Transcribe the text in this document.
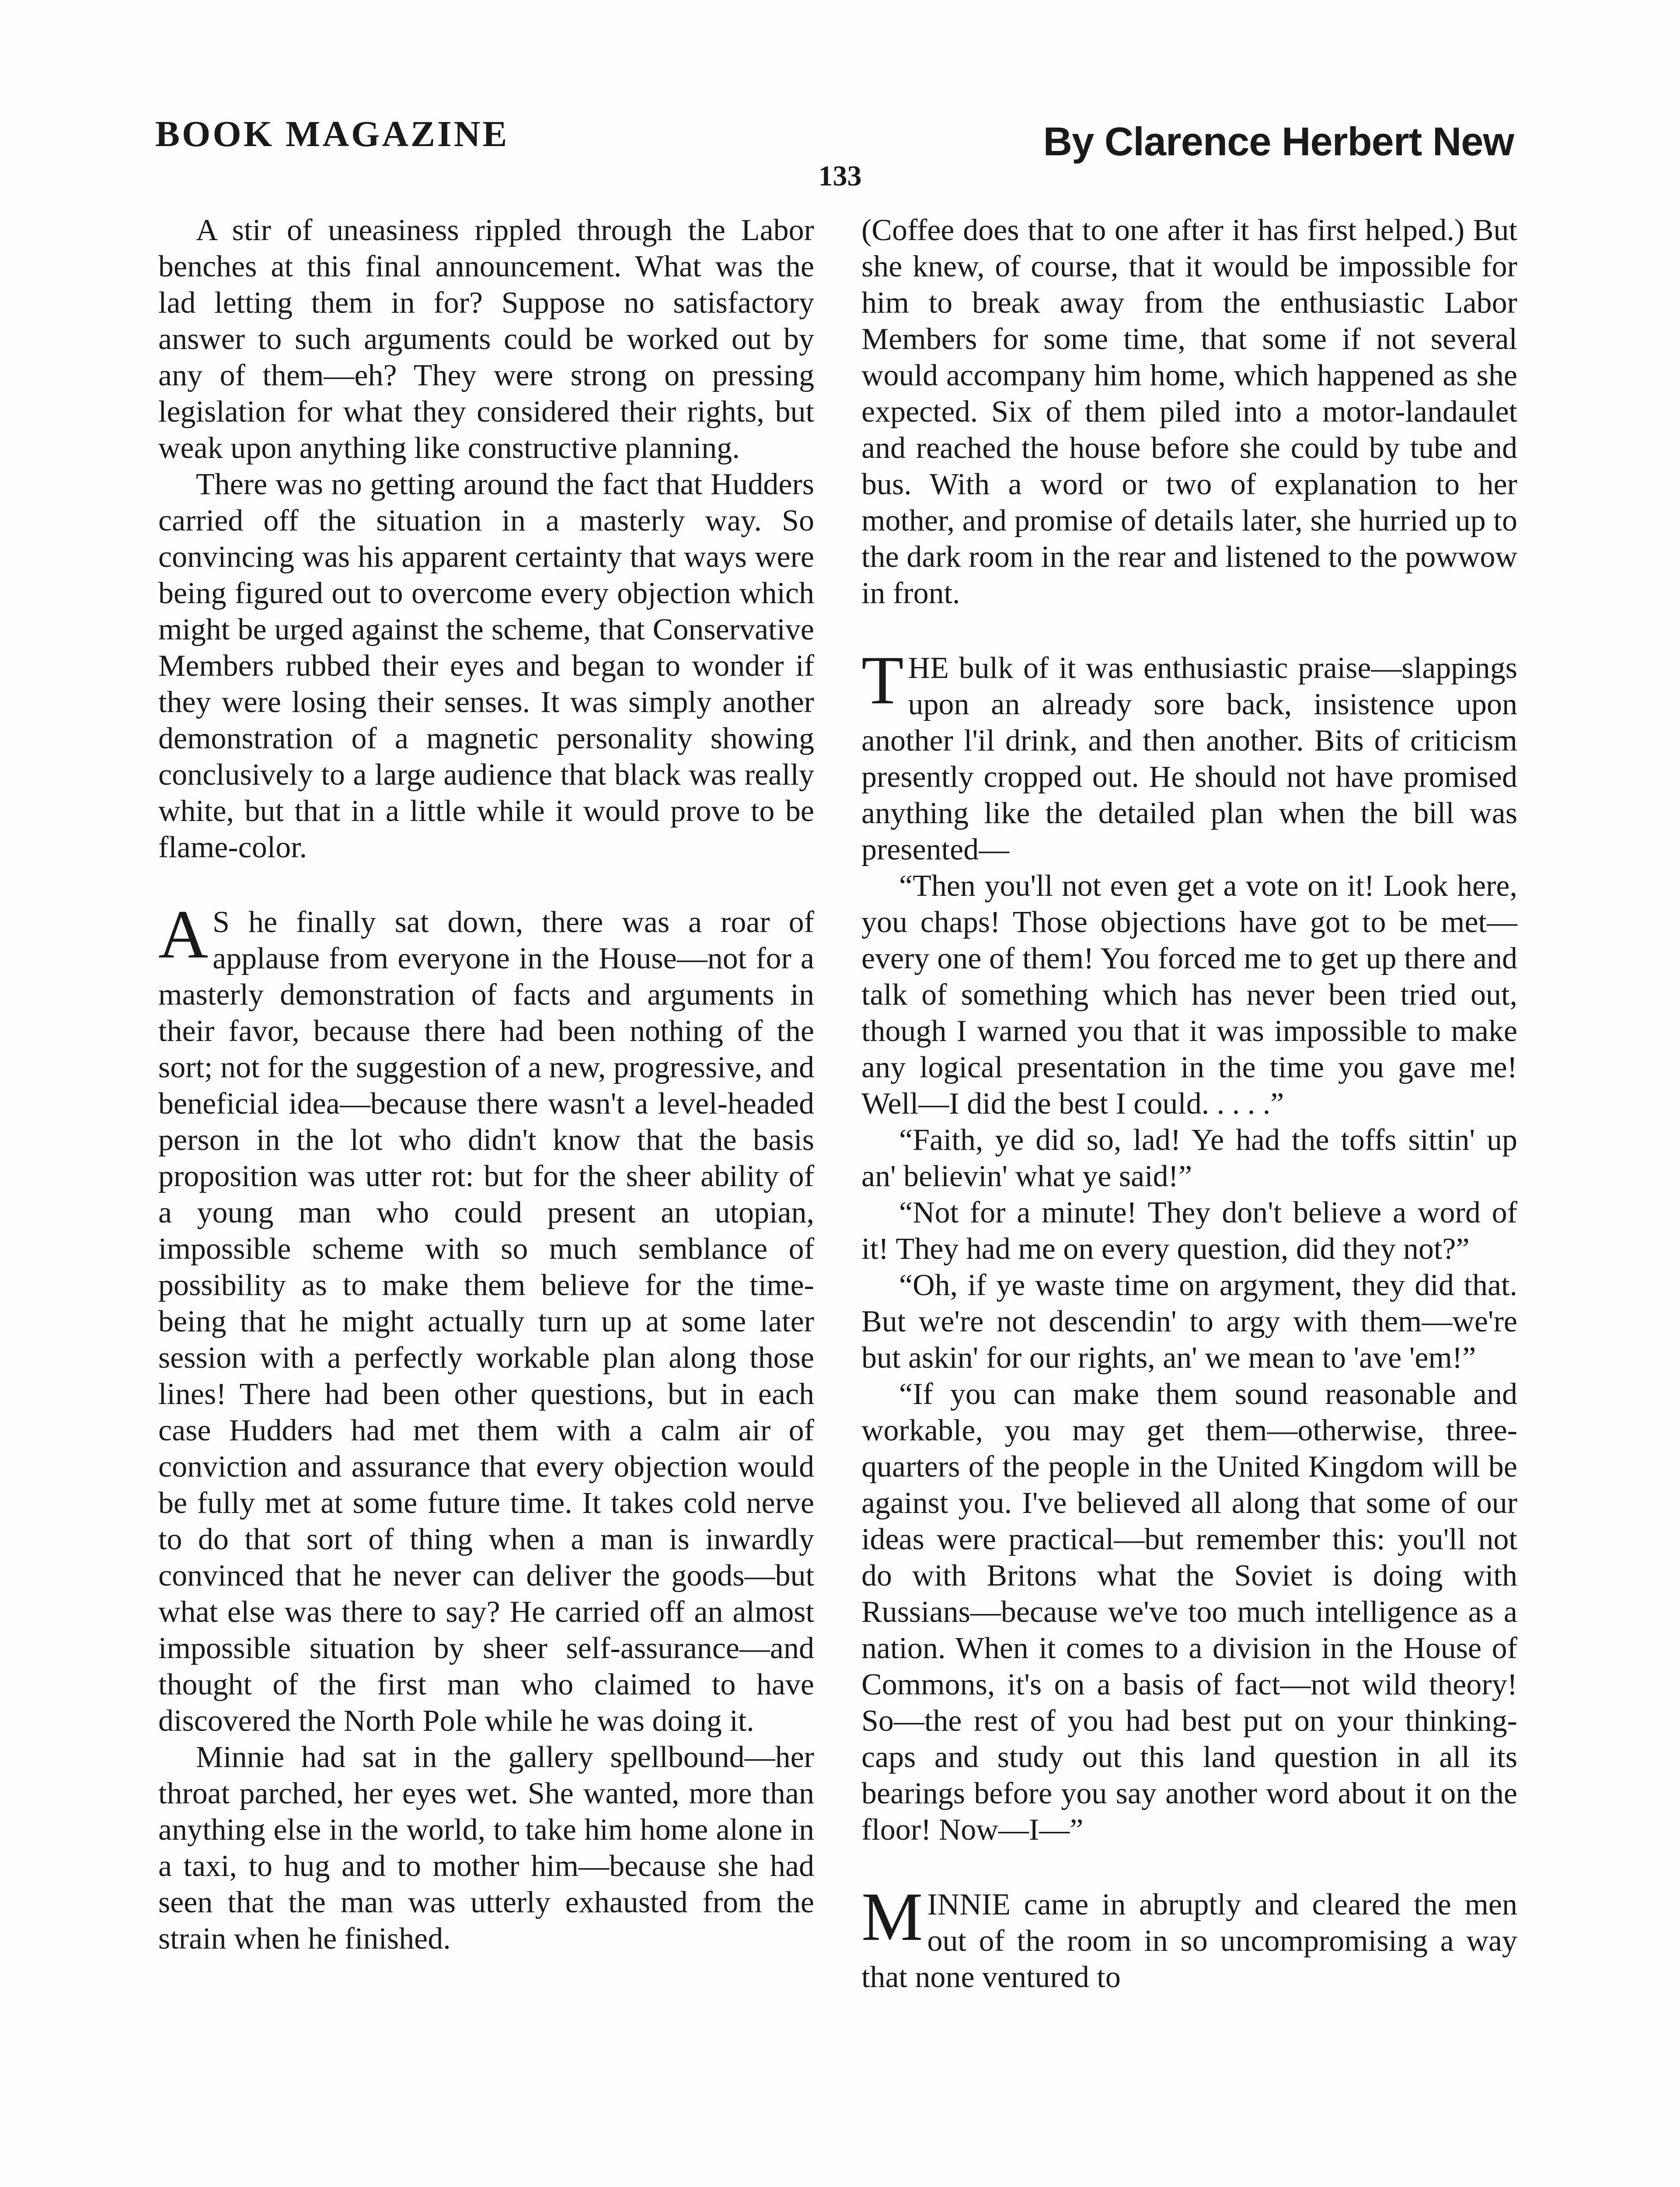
BOOK MAGAZINE	By Clarence Herbert New
133

A stir of uneasiness rippled through the Labor benches at this final announcement. What was the lad letting them in for? Suppose no satisfactory answer to such arguments could be worked out by any of them—eh? They were strong on pressing legislation for what they considered their rights, but weak upon anything like constructive planning.

There was no getting around the fact that Hudders carried off the situation in a masterly way. So convincing was his apparent certainty that ways were being figured out to overcome every objection which might be urged against the scheme, that Conservative Members rubbed their eyes and began to wonder if they were losing their senses. It was simply another demonstration of a magnetic personality showing conclusively to a large audience that black was really white, but that in a little while it would prove to be flame-color.

AS he finally sat down, there was a roar of applause from everyone in the House—not for a masterly demonstration of facts and arguments in their favor, because there had been nothing of the sort; not for the suggestion of a new, progressive, and beneficial idea—because there wasn't a level-headed person in the lot who didn't know that the basis proposition was utter rot: but for the sheer ability of a young man who could present an utopian, impossible scheme with so much semblance of possibility as to make them believe for the time-being that he might actually turn up at some later session with a perfectly workable plan along those lines! There had been other questions, but in each case Hudders had met them with a calm air of conviction and assurance that every objection would be fully met at some future time. It takes cold nerve to do that sort of thing when a man is inwardly convinced that he never can deliver the goods—but what else was there to say? He carried off an almost impossible situation by sheer self-assurance—and thought of the first man who claimed to have discovered the North Pole while he was doing it.

Minnie had sat in the gallery spellbound—her throat parched, her eyes wet. She wanted, more than anything else in the world, to take him home alone in a taxi, to hug and to mother him—because she had seen that the man was utterly exhausted from the strain when he finished.

(Coffee does that to one after it has first helped.) But she knew, of course, that it would be impossible for him to break away from the enthusiastic Labor Members for some time, that some if not several would accompany him home, which happened as she expected. Six of them piled into a motor-landaulet and reached the house before she could by tube and bus. With a word or two of explanation to her mother, and promise of details later, she hurried up to the dark room in the rear and listened to the powwow in front.

THE bulk of it was enthusiastic praise—slappings upon an already sore back, insistence upon another l'il drink, and then another. Bits of criticism presently cropped out. He should not have promised anything like the detailed plan when the bill was presented—

“Then you'll not even get a vote on it! Look here, you chaps! Those objections have got to be met—every one of them! You forced me to get up there and talk of something which has never been tried out, though I warned you that it was impossible to make any logical presentation in the time you gave me! Well—I did the best I could. . . . .”

“Faith, ye did so, lad! Ye had the toffs sittin' up an' believin' what ye said!”

“Not for a minute! They don't believe a word of it! They had me on every question, did they not?”

“Oh, if ye waste time on argyment, they did that. But we're not descendin' to argy with them—we're but askin' for our rights, an' we mean to 'ave 'em!”

“If you can make them sound reasonable and workable, you may get them—otherwise, three-quarters of the people in the United Kingdom will be against you. I've believed all along that some of our ideas were practical—but remember this: you'll not do with Britons what the Soviet is doing with Russians—because we've too much intelligence as a nation. When it comes to a division in the House of Commons, it's on a basis of fact—not wild theory! So—the rest of you had best put on your thinking-caps and study out this land question in all its bearings before you say another word about it on the floor! Now—I—”

MINNIE came in abruptly and cleared the men out of the room in so uncompromising a way that none ventured to
